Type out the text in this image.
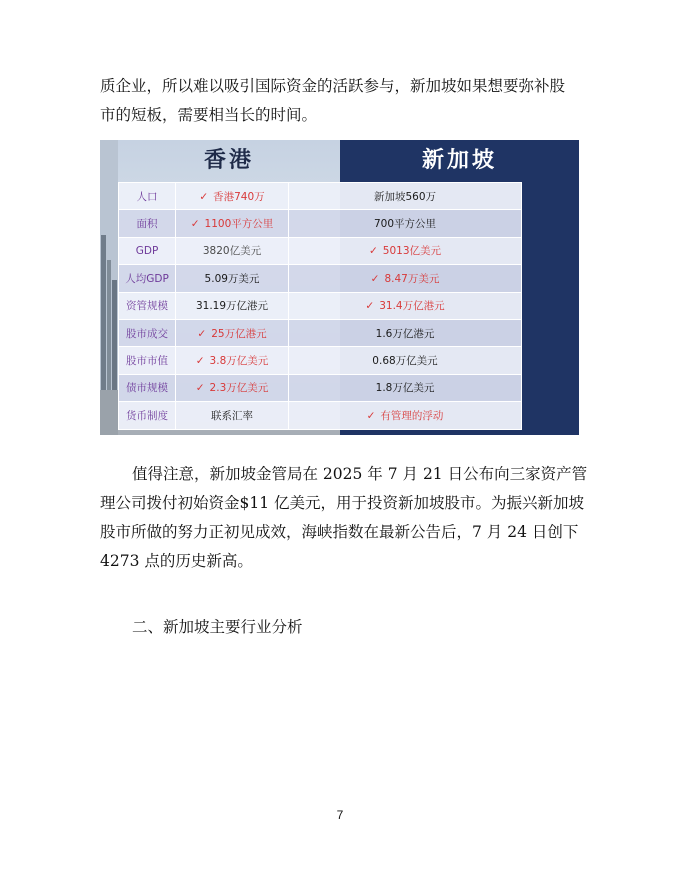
质企业，所以难以吸引国际资金的活跃参与，新加坡如果想要弥补股
市的短板，需要相当长的时间。

香港	新加坡
人口	✓ 香港740万	新加坡560万
面积	✓ 1100平方公里	700平方公里
GDP	3820亿美元	✓ 5013亿美元
人均GDP	5.09万美元	✓ 8.47万美元
资管规模	31.19万亿港元	✓ 31.4万亿港元
股市成交	✓ 25万亿港元	1.6万亿港元
股市市值	✓ 3.8万亿美元	0.68万亿美元
债市规模	✓ 2.3万亿美元	1.8万亿美元
货币制度	联系汇率	✓ 有管理的浮动

值得注意，新加坡金管局在 2025 年 7 月 21 日公布向三家资产管
理公司拨付初始资金$11 亿美元，用于投资新加坡股市。为振兴新加坡
股市所做的努力正初见成效，海峡指数在最新公告后，7 月 24 日创下
4273 点的历史新高。

二、新加坡主要行业分析

7
